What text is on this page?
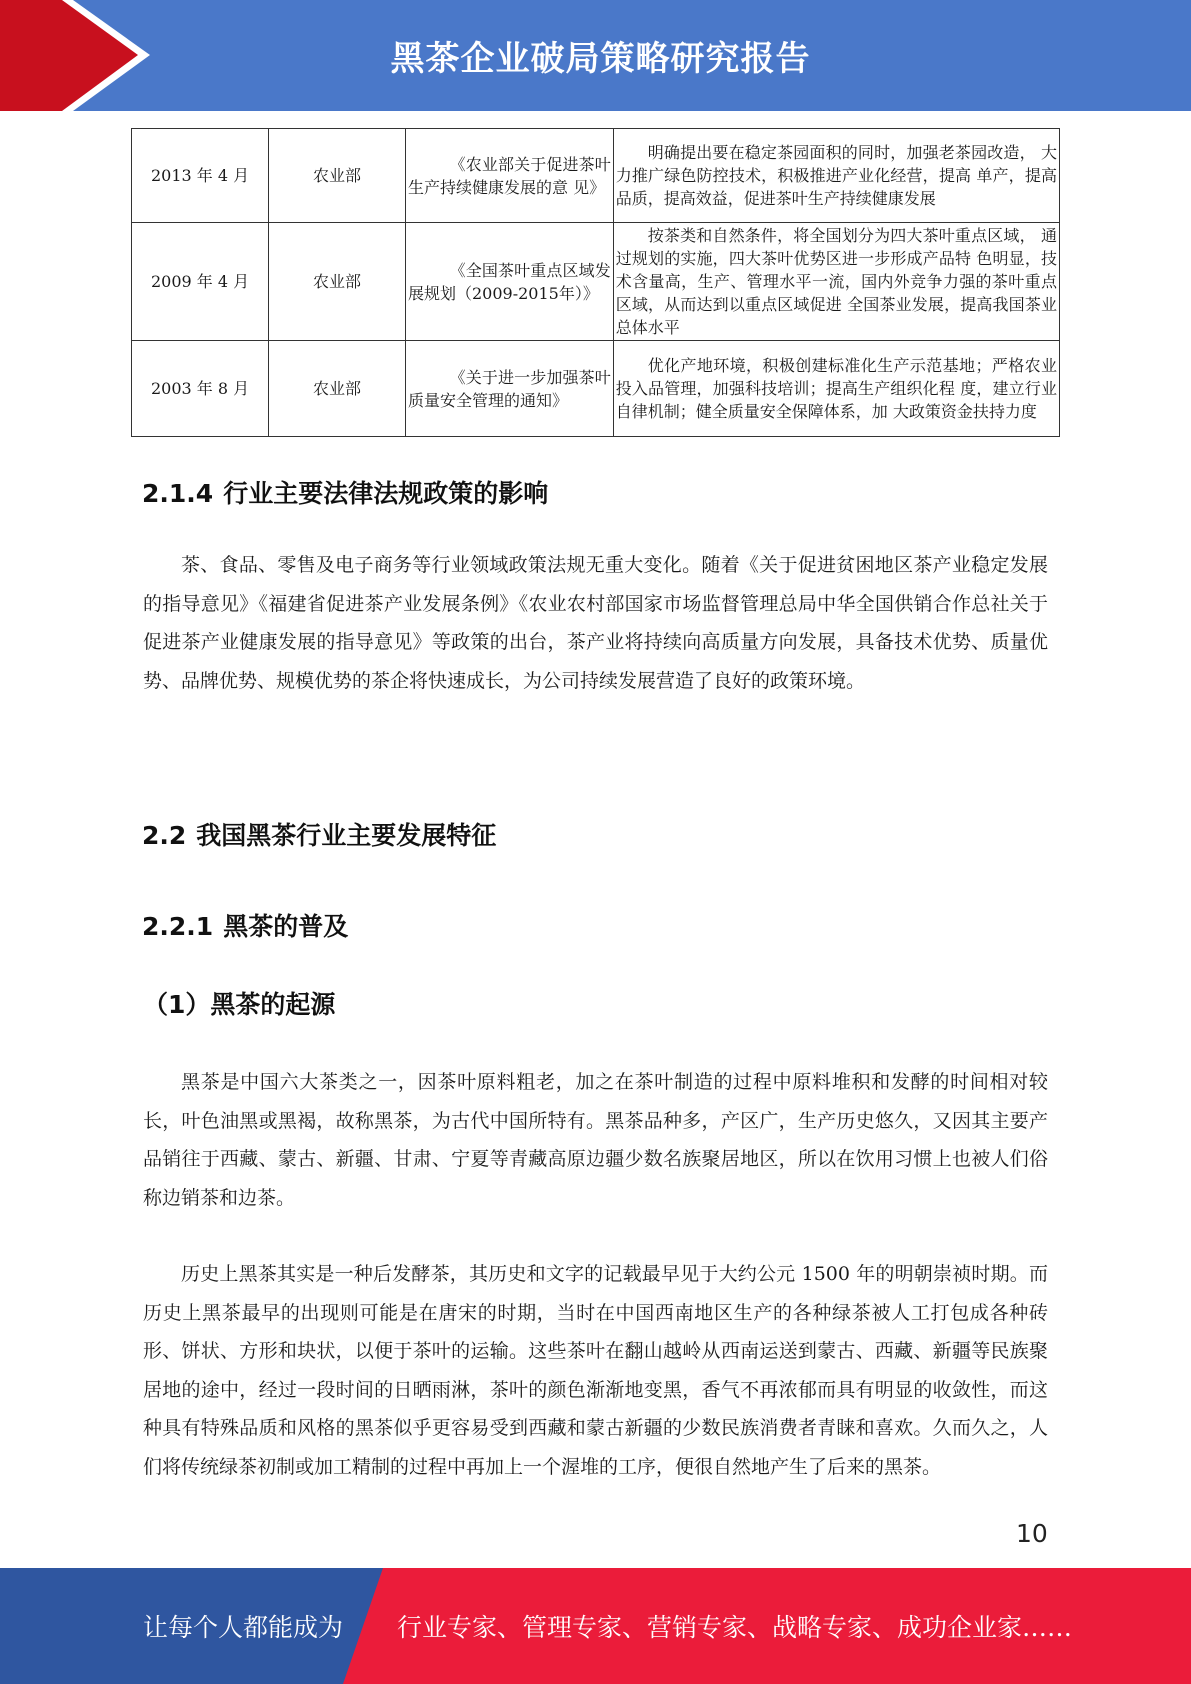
黑茶企业破局策略研究报告
2013 年 4 月	农业部	《农业部关于促进茶叶 生产持续健康发展的意 见》	明确提出要在稳定茶园面积的同时，加强老茶园改造， 大力推广绿色防控技术，积极推进产业化经营，提高 单产，提高品质，提高效益，促进茶叶生产持续健康发展
2009 年 4 月	农业部	《全国茶叶重点区域发 展规划（2009-2015年）》	按茶类和自然条件，将全国划分为四大茶叶重点区域， 通过规划的实施，四大茶叶优势区进一步形成产品特 色明显，技术含量高，生产、管理水平一流，国内外竞争力强的茶叶重点区域，从而达到以重点区域促进 全国茶业发展，提高我国茶业总体水平
2003 年 8 月	农业部	《关于进一步加强茶叶 质量安全管理的通知》	优化产地环境，积极创建标准化生产示范基地；严格农业投入品管理，加强科技培训；提高生产组织化程 度，建立行业自律机制；健全质量安全保障体系，加 大政策资金扶持力度
2.1.4 行业主要法律法规政策的影响

茶、食品、零售及电子商务等行业领域政策法规无重大变化。随着《关于促进贫困地区茶产业稳定发展的指导意见》《福建省促进茶产业发展条例》《农业农村部国家市场监督管理总局中华全国供销合作总社关于促进茶产业健康发展的指导意见》等政策的出台，茶产业将持续向高质量方向发展，具备技术优势、质量优势、品牌优势、规模优势的茶企将快速成长，为公司持续发展营造了良好的政策环境。

2.2 我国黑茶行业主要发展特征
2.2.1 黑茶的普及
（1）黑茶的起源

黑茶是中国六大茶类之一，因茶叶原料粗老，加之在茶叶制造的过程中原料堆积和发酵的时间相对较长，叶色油黑或黑褐，故称黑茶，为古代中国所特有。黑茶品种多，产区广，生产历史悠久，又因其主要产品销往于西藏、蒙古、新疆、甘肃、宁夏等青藏高原边疆少数名族聚居地区，所以在饮用习惯上也被人们俗称边销茶和边茶。

历史上黑茶其实是一种后发酵茶，其历史和文字的记载最早见于大约公元 1500 年的明朝崇祯时期。而历史上黑茶最早的出现则可能是在唐宋的时期，当时在中国西南地区生产的各种绿茶被人工打包成各种砖形、饼状、方形和块状，以便于茶叶的运输。这些茶叶在翻山越岭从西南运送到蒙古、西藏、新疆等民族聚居地的途中，经过一段时间的日晒雨淋，茶叶的颜色渐渐地变黑，香气不再浓郁而具有明显的收敛性，而这种具有特殊品质和风格的黑茶似乎更容易受到西藏和蒙古新疆的少数民族消费者青睐和喜欢。久而久之，人们将传统绿茶初制或加工精制的过程中再加上一个渥堆的工序，便很自然地产生了后来的黑茶。

10
让每个人都能成为 行业专家、管理专家、营销专家、战略专家、成功企业家……
